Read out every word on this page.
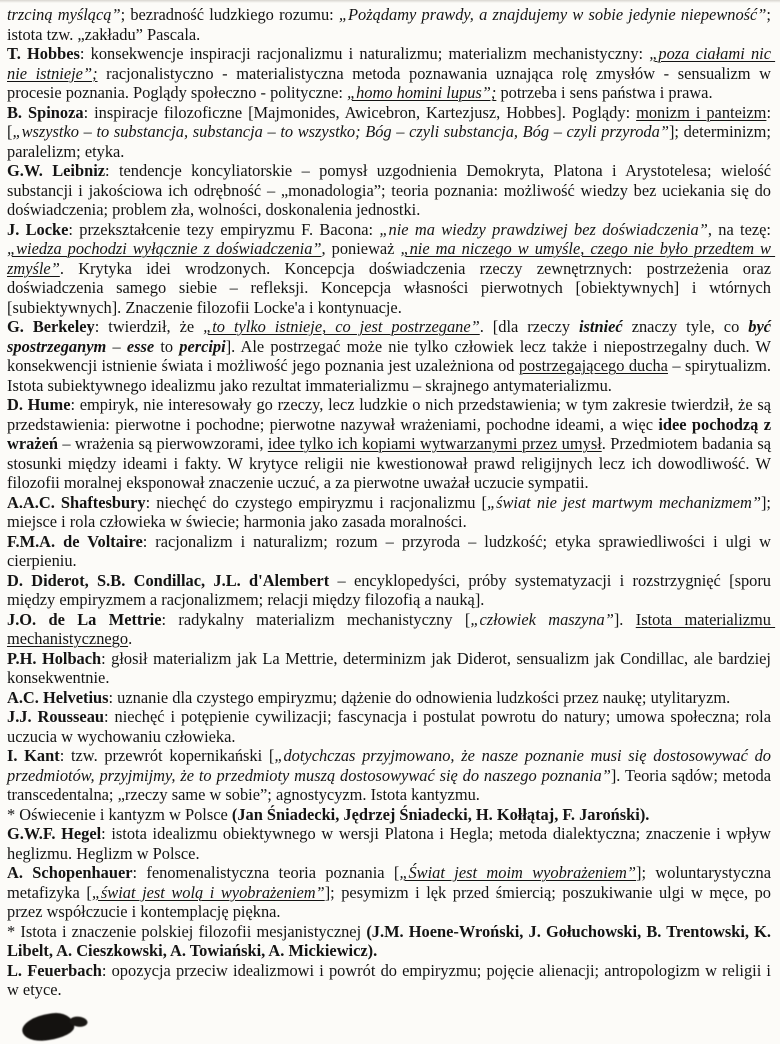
trzciną myślącą”; bezradność ludzkiego rozumu: „Pożądamy prawdy, a znajdujemy w sobie jedynie niepewność”; istota tzw. „zakładu” Pascala.

T. Hobbes: konsekwencje inspiracji racjonalizmu i naturalizmu; materializm mechanistyczny: „poza ciałami nic nie istnieje”; racjonalistyczno - materialistyczna metoda poznawania uznająca rolę zmysłów - sensualizm w procesie poznania. Poglądy społeczno - polityczne: „homo homini lupus”; potrzeba i sens państwa i prawa.

B. Spinoza: inspiracje filozoficzne [Majmonides, Awicebron, Kartezjusz, Hobbes]. Poglądy: monizm i panteizm: [„wszystko – to substancja, substancja – to wszystko; Bóg – czyli substancja, Bóg – czyli przyroda”]; determinizm; paralelizm; etyka.

G.W. Leibniz: tendencje koncyliatorskie – pomysł uzgodnienia Demokryta, Platona i Arystotelesa; wielość substancji i jakościowa ich odrębność – „monadologia”; teoria poznania: możliwość wiedzy bez uciekania się do doświadczenia; problem zła, wolności, doskonalenia jednostki.

J. Locke: przekształcenie tezy empiryzmu F. Bacona: „nie ma wiedzy prawdziwej bez doświadczenia”, na tezę: „wiedza pochodzi wyłącznie z doświadczenia”, ponieważ „nie ma niczego w umyśle, czego nie było przedtem w zmyśle”. Krytyka idei wrodzonych. Koncepcja doświadczenia rzeczy zewnętrznych: postrzeżenia oraz doświadczenia samego siebie – refleksji. Koncepcja własności pierwotnych [obiektywnych] i wtórnych [subiektywnych]. Znaczenie filozofii Locke'a i kontynuacje.

G. Berkeley: twierdził, że „to tylko istnieje, co jest postrzegane”. [dla rzeczy istnieć znaczy tyle, co być spostrzeganym – esse to percipi]. Ale postrzegać może nie tylko człowiek lecz także i niepostrzegalny duch. W konsekwencji istnienie świata i możliwość jego poznania jest uzależniona od postrzegającego ducha – spirytualizm. Istota subiektywnego idealizmu jako rezultat immaterializmu – skrajnego antymaterializmu.

D. Hume: empiryk, nie interesowały go rzeczy, lecz ludzkie o nich przedstawienia; w tym zakresie twierdził, że są przedstawienia: pierwotne i pochodne; pierwotne nazywał wrażeniami, pochodne ideami, a więc idee pochodzą z wrażeń – wrażenia są pierwowzorami, idee tylko ich kopiami wytwarzanymi przez umysł. Przedmiotem badania są stosunki między ideami i fakty. W krytyce religii nie kwestionował prawd religijnych lecz ich dowodliwość. W filozofii moralnej eksponował znaczenie uczuć, a za pierwotne uważał uczucie sympatii.

A.A.C. Shaftesbury: niechęć do czystego empiryzmu i racjonalizmu [„świat nie jest martwym mechanizmem”]; miejsce i rola człowieka w świecie; harmonia jako zasada moralności.

F.M.A. de Voltaire: racjonalizm i naturalizm; rozum – przyroda – ludzkość; etyka sprawiedliwości i ulgi w cierpieniu.

D. Diderot, S.B. Condillac, J.L. d'Alembert – encyklopedyści, próby systematyzacji i rozstrzygnięć [sporu między empiryzmem a racjonalizmem; relacji między filozofią a nauką].

J.O. de La Mettrie: radykalny materializm mechanistyczny [„człowiek maszyna”]. Istota materializmu mechanistycznego.

P.H. Holbach: głosił materializm jak La Mettrie, determinizm jak Diderot, sensualizm jak Condillac, ale bardziej konsekwentnie.

A.C. Helvetius: uznanie dla czystego empiryzmu; dążenie do odnowienia ludzkości przez naukę; utylitaryzm.

J.J. Rousseau: niechęć i potępienie cywilizacji; fascynacja i postulat powrotu do natury; umowa społeczna; rola uczucia w wychowaniu człowieka.

I. Kant: tzw. przewrót kopernikański [„dotychczas przyjmowano, że nasze poznanie musi się dostosowywać do przedmiotów, przyjmijmy, że to przedmioty muszą dostosowywać się do naszego poznania”]. Teoria sądów; metoda transcedentalna; „rzeczy same w sobie”; agnostycyzm. Istota kantyzmu.

* Oświecenie i kantyzm w Polsce (Jan Śniadecki, Jędrzej Śniadecki, H. Kołłątaj, F. Jaroński).

G.W.F. Hegel: istota idealizmu obiektywnego w wersji Platona i Hegla; metoda dialektyczna; znaczenie i wpływ heglizmu. Heglizm w Polsce.

A. Schopenhauer: fenomenalistyczna teoria poznania [„Świat jest moim wyobrażeniem”]; woluntarystyczna metafizyka [„świat jest wolą i wyobrażeniem”]; pesymizm i lęk przed śmiercią; poszukiwanie ulgi w męce, po przez współczucie i kontemplację piękna.

* Istota i znaczenie polskiej filozofii mesjanistycznej (J.M. Hoene-Wroński, J. Gołuchowski, B. Trentowski, K. Libelt, A. Cieszkowski, A. Towiański, A. Mickiewicz).

L. Feuerbach: opozycja przeciw idealizmowi i powrót do empiryzmu; pojęcie alienacji; antropologizm w religii i w etyce.
